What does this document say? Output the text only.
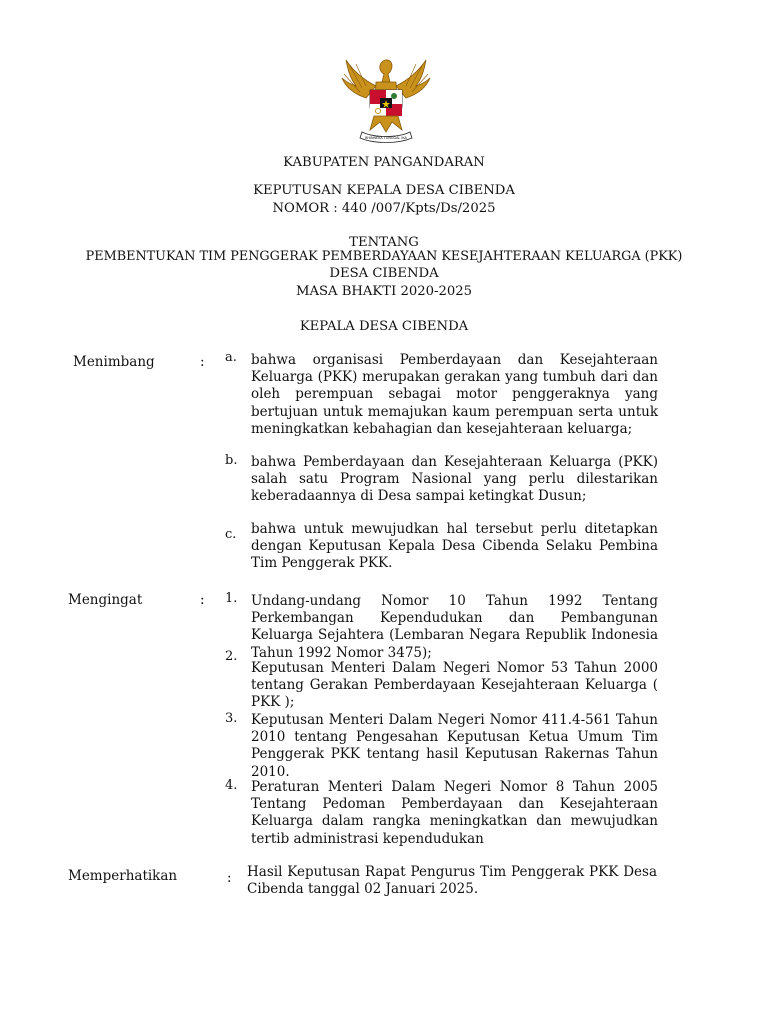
BHINNEKA TUNGGAL IKA
KABUPATEN PANGANDARAN
KEPUTUSAN KEPALA DESA CIBENDA
NOMOR : 440 /007/Kpts/Ds/2025
TENTANG
PEMBENTUKAN TIM PENGGERAK PEMBERDAYAAN KESEJAHTERAAN KELUARGA (PKK)
DESA CIBENDA
MASA BHAKTI 2020-2025
KEPALA DESA CIBENDA
Menimbang	: a. bahwa organisasi Pemberdayaan dan Kesejahteraan Keluarga (PKK) merupakan gerakan yang tumbuh dari dan oleh perempuan sebagai motor penggeraknya yang bertujuan untuk memajukan kaum perempuan serta untuk meningkatkan kebahagian dan kesejahteraan keluarga;
b. bahwa Pemberdayaan dan Kesejahteraan Keluarga (PKK) salah satu Program Nasional yang perlu dilestarikan keberadaannya di Desa sampai ketingkat Dusun;
c. bahwa untuk mewujudkan hal tersebut perlu ditetapkan dengan Keputusan Kepala Desa Cibenda Selaku Pembina Tim Penggerak PKK.
Mengingat	: 1. Undang-undang Nomor 10 Tahun 1992 Tentang Perkembangan Kependudukan dan Pembangunan Keluarga Sejahtera (Lembaran Negara Republik Indonesia Tahun 1992 Nomor 3475);
2.
Keputusan Menteri Dalam Negeri Nomor 53 Tahun 2000 tentang Gerakan Pemberdayaan Kesejahteraan Keluarga ( PKK );
3. Keputusan Menteri Dalam Negeri Nomor 411.4-561 Tahun 2010 tentang Pengesahan Keputusan Ketua Umum Tim Penggerak PKK tentang hasil Keputusan Rakernas Tahun 2010.
4. Peraturan Menteri Dalam Negeri Nomor 8 Tahun 2005 Tentang Pedoman Pemberdayaan dan Kesejahteraan Keluarga dalam rangka meningkatkan dan mewujudkan tertib administrasi kependudukan
Memperhatikan	: Hasil Keputusan Rapat Pengurus Tim Penggerak PKK Desa Cibenda tanggal 02 Januari 2025.
